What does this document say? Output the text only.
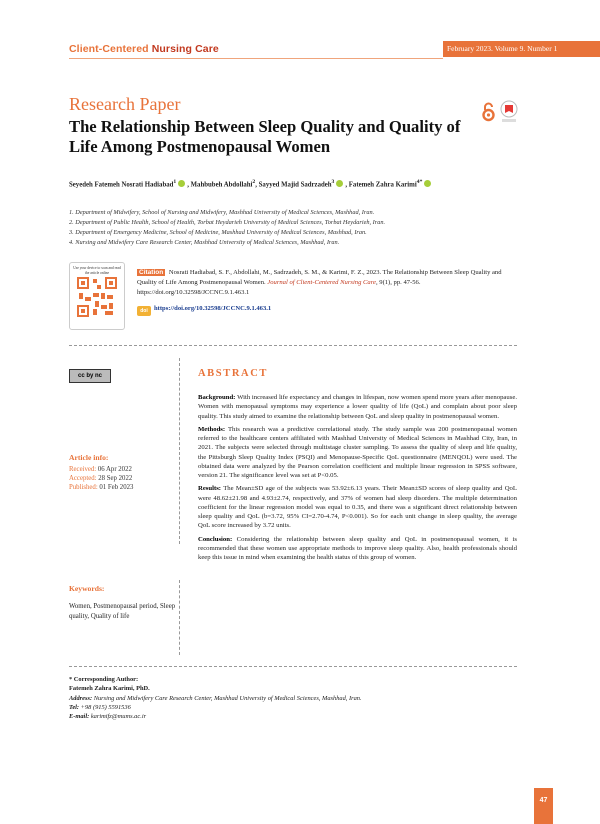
Client-Centered Nursing Care	February 2023. Volume 9. Number 1
Research Paper
The Relationship Between Sleep Quality and Quality of Life Among Postmenopausal Women
Seyedeh Fatemeh Nosrati Hadiabad$^1$ , Mahbubeh Abdollahi$^2$, Sayyed Majid Sadrzadeh$^3$ , Fatemeh Zahra Karimi$^{4*}$
1. Department of Midwifery, School of Nursing and Midwifery, Mashhad University of Medical Sciences, Mashhad, Iran.
2. Department of Public Health, School of Health, Torbat Heydarieh University of Medical Sciences, Torbat Heydarieh, Iran.
3. Department of Emergency Medicine, School of Medicine, Mashhad University of Medical Sciences, Mashhad, Iran.
4. Nursing and Midwifery Care Research Center, Mashhad University of Medical Sciences, Mashhad, Iran.
Use your device to scan and read the article online	Citation Nosrati Hadiabad, S. F., Abdollahi, M., Sadrzadeh, S. M., & Karimi, F. Z., 2023. The Relationship Between Sleep Quality and Quality of Life Among Postmenopausal Women. Journal of Client-Centered Nursing Care, 9(1), pp. 47-56. https://doi.org/10.32598/JCCNC.9.1.463.1
doi https://doi.org/10.32598/JCCNC.9.1.463.1
cc by nc
Article info:
Received: 06 Apr 2022
Accepted: 28 Sep 2022
Published: 01 Feb 2023
Keywords:
Women, Postmenopausal period, Sleep quality, Quality of life
ABSTRACT

Background: With increased life expectancy and changes in lifespan, now women spend more years after menopause. Women with menopausal symptoms may experience a lower quality of life (QoL) and complain about poor sleep quality. This study aimed to examine the relationship between QoL and sleep quality in postmenopausal women.

Methods: This research was a predictive correlational study. The study sample was 200 postmenopausal women referred to the healthcare centers affiliated with Mashhad University of Medical Sciences in Mashhad City, Iran, in 2021. The subjects were selected through multistage cluster sampling. To assess the quality of sleep and life quality, the Pittsburgh Sleep Quality Index (PSQI) and Menopause-Specific QoL questionnaire (MENQOL) were used. The obtained data were analyzed by the Pearson correlation coefficient and multiple linear regression in SPSS software, version 21. The significance level was set at P<0.05.

Results: The Mean±SD age of the subjects was 53.92±6.13 years. Their Mean±SD scores of sleep quality and QoL were 48.62±21.98 and 4.93±2.74, respectively, and 37% of women had sleep disorders. The multiple determination coefficient for the linear regression model was equal to 0.35, and there was a significant direct relationship between sleep quality and QoL (b=3.72, 95% CI=2.70-4.74, P<0.001). So for each unit change in sleep quality, the average QoL score increased by 3.72 units.

Conclusion: Considering the relationship between sleep quality and QoL in postmenopausal women, it is recommended that these women use appropriate methods to improve sleep quality. Also, health professionals should keep this issue in mind when examining the health status of this group of women.

* Corresponding Author:
Fatemeh Zahra Karimi, PhD.
Address: Nursing and Midwifery Care Research Center, Mashhad University of Medical Sciences, Mashhad, Iran.
Tel: +98 (915) 5591536
E-mail: karimifz@mums.ac.ir
47
